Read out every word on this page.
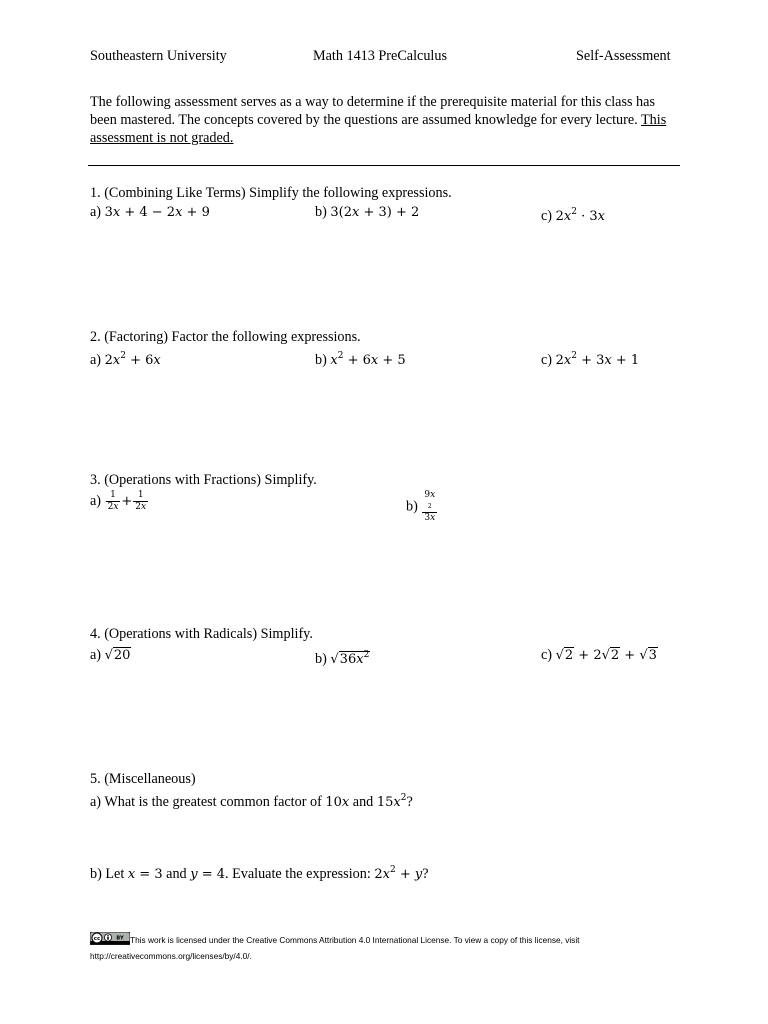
Southeastern University	Math 1413 PreCalculus	Self-Assessment
The following assessment serves as a way to determine if the prerequisite material for this class has been mastered. The concepts covered by the questions are assumed knowledge for every lecture. This assessment is not graded.
1. (Combining Like Terms) Simplify the following expressions.
a) 3x + 4 − 2x + 9	b) 3(2x + 3) + 2	c) $2x^2 \cdot 3x$
2. (Factoring) Factor the following expressions.
a) $2x^2 + 6x$	b) $x^2 + 6x + 5$	c) $2x^2 + 3x + 1$
3. (Operations with Fractions) Simplify.
$a) \frac{1}{2x} + \frac{1}{2x}$	b) 9x
2
3x
4. (Operations with Radicals) Simplify.
a) √20	b) $√36x^2$	c) √2 + 2√2 + √3
5. (Miscellaneous)
a) What is the greatest common factor of 10x and $15x^2$?
b) Let x = 3 and y = 4. Evaluate the expression: $2x^2 + y$?
cc	BY This work is licensed under the Creative Commons Attribution 4.0 International License. To view a copy of this license, visit
http://creativecommons.org/licenses/by/4.0/.
